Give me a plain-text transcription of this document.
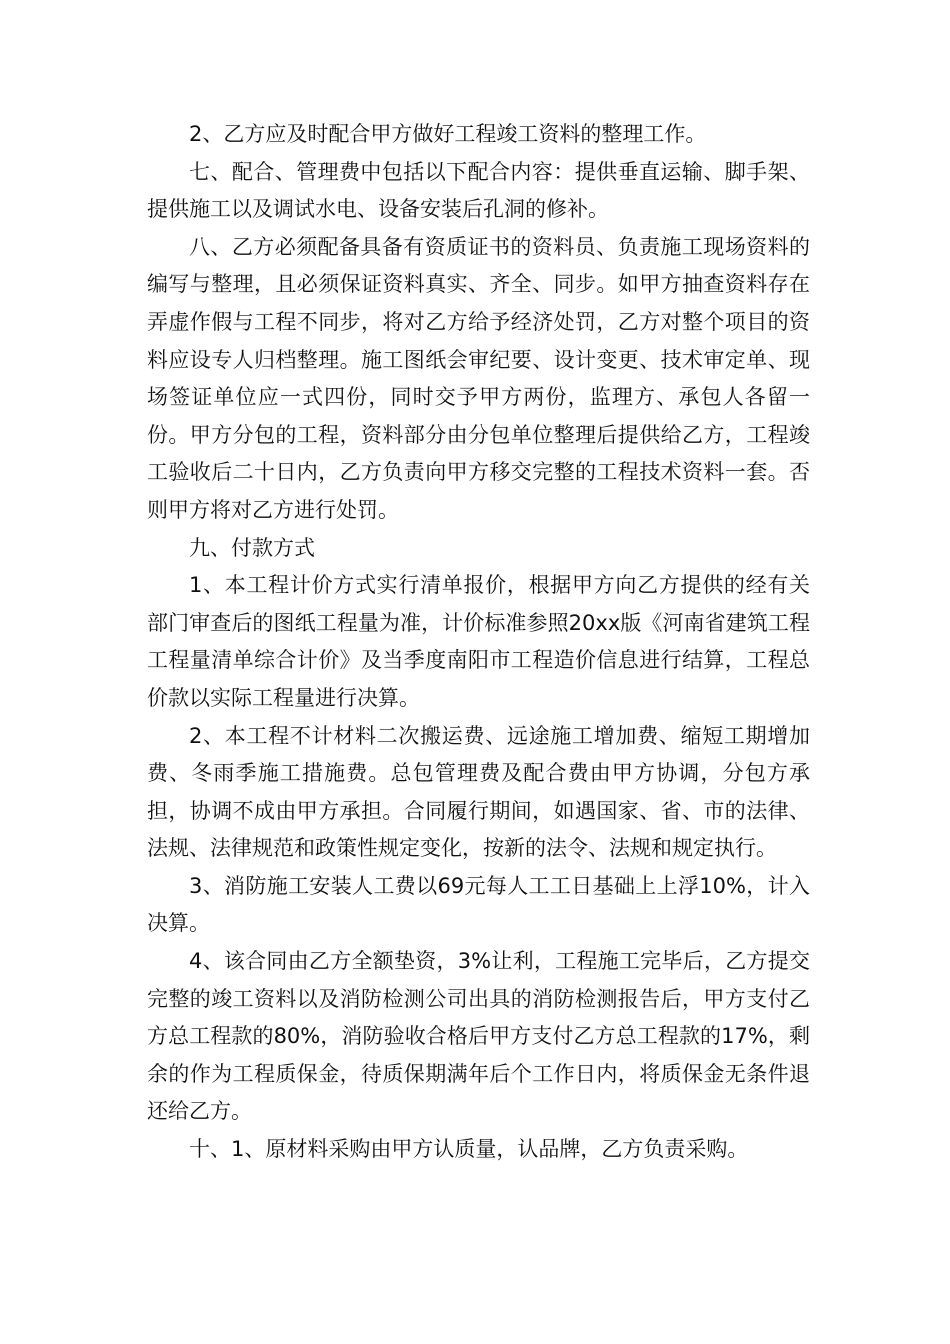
2、乙方应及时配合甲方做好工程竣工资料的整理工作。

七、配合、管理费中包括以下配合内容：提供垂直运输、脚手架、提供施工以及调试水电、设备安装后孔洞的修补。

八、乙方必须配备具备有资质证书的资料员、负责施工现场资料的编写与整理，且必须保证资料真实、齐全、同步。如甲方抽查资料存在弄虚作假与工程不同步，将对乙方给予经济处罚，乙方对整个项目的资料应设专人归档整理。施工图纸会审纪要、设计变更、技术审定单、现场签证单位应一式四份，同时交予甲方两份，监理方、承包人各留一份。甲方分包的工程，资料部分由分包单位整理后提供给乙方，工程竣工验收后二十日内，乙方负责向甲方移交完整的工程技术资料一套。否则甲方将对乙方进行处罚。

九、付款方式

1、本工程计价方式实行清单报价，根据甲方向乙方提供的经有关部门审查后的图纸工程量为准，计价标准参照20xx版《河南省建筑工程工程量清单综合计价》及当季度南阳市工程造价信息进行结算，工程总价款以实际工程量进行决算。

2、本工程不计材料二次搬运费、远途施工增加费、缩短工期增加费、冬雨季施工措施费。总包管理费及配合费由甲方协调，分包方承担，协调不成由甲方承担。合同履行期间，如遇国家、省、市的法律、法规、法律规范和政策性规定变化，按新的法令、法规和规定执行。

3、消防施工安装人工费以69元每人工工日基础上上浮10%，计入决算。

4、该合同由乙方全额垫资，3%让利，工程施工完毕后，乙方提交完整的竣工资料以及消防检测公司出具的消防检测报告后，甲方支付乙方总工程款的80%，消防验收合格后甲方支付乙方总工程款的17%，剩余的作为工程质保金，待质保期满年后个工作日内，将质保金无条件退还给乙方。

十、1、原材料采购由甲方认质量，认品牌，乙方负责采购。
